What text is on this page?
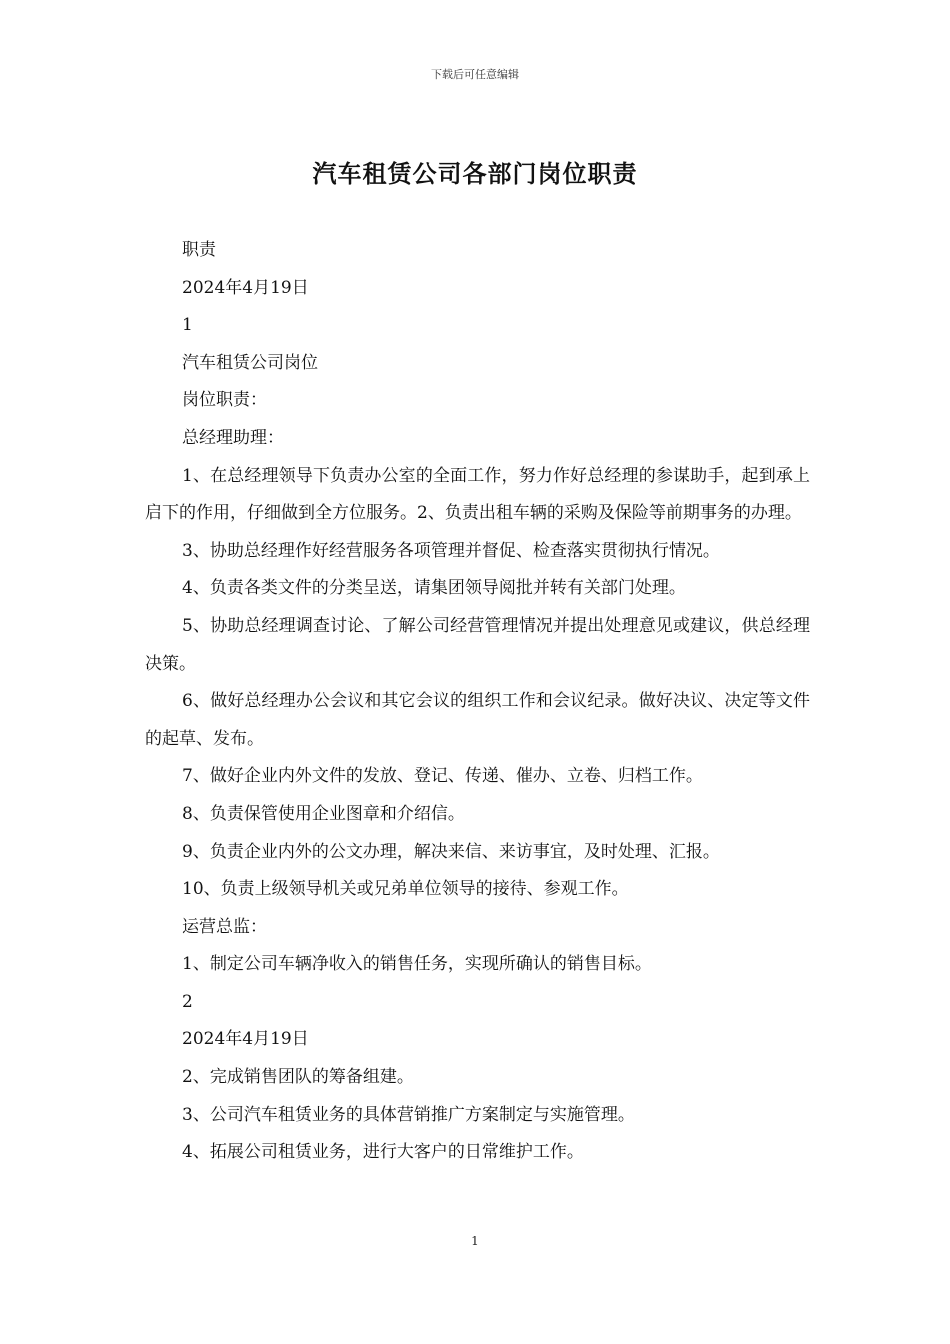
下载后可任意编辑
汽车租赁公司各部门岗位职责

职责

2024年4月19日

1

汽车租赁公司岗位

岗位职责：

总经理助理：

1、在总经理领导下负责办公室的全面工作，努力作好总经理的参谋助手，起到承上启下的作用，仔细做到全方位服务。2、负责出租车辆的采购及保险等前期事务的办理。

3、协助总经理作好经营服务各项管理并督促、检查落实贯彻执行情况。

4、负责各类文件的分类呈送，请集团领导阅批并转有关部门处理。

5、协助总经理调查讨论、了解公司经营管理情况并提出处理意见或建议，供总经理决策。

6、做好总经理办公会议和其它会议的组织工作和会议纪录。做好决议、决定等文件的起草、发布。

7、做好企业内外文件的发放、登记、传递、催办、立卷、归档工作。

8、负责保管使用企业图章和介绍信。

9、负责企业内外的公文办理，解决来信、来访事宜，及时处理、汇报。

10、负责上级领导机关或兄弟单位领导的接待、参观工作。

运营总监：

1、制定公司车辆净收入的销售任务，实现所确认的销售目标。

2

2024年4月19日

2、完成销售团队的筹备组建。

3、公司汽车租赁业务的具体营销推广方案制定与实施管理。

4、拓展公司租赁业务，进行大客户的日常维护工作。

1
